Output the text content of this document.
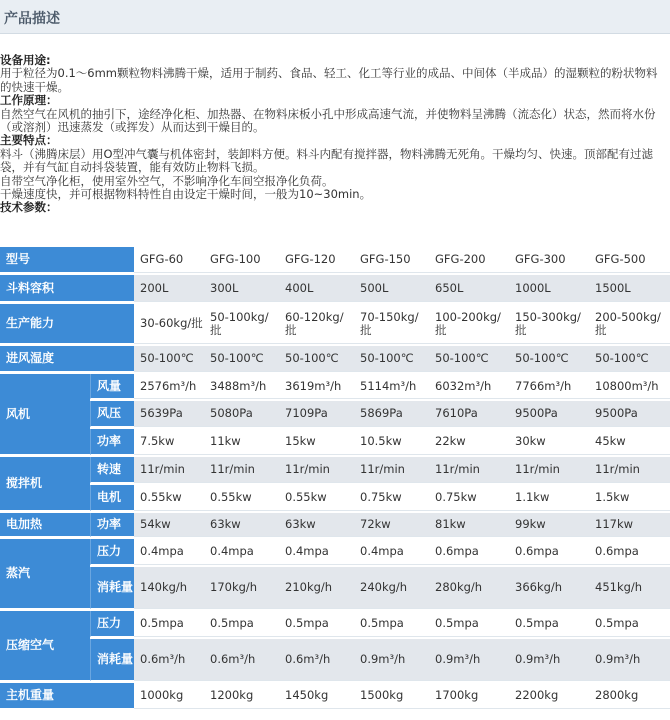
产品描述

设备用途:

用于粒径为0.1～6mm颗粒物料沸腾干燥，适用于制药、食品、轻工、化工等行业的成品、中间体（半成品）的湿颗粒的粉状物料的快速干燥。

工作原理：

自然空气在风机的抽引下，途经净化柜、加热器、在物料床板小孔中形成高速气流，并使物料呈沸腾（流态化）状态，然而将水份（或溶剂）迅速蒸发（或挥发）从而达到干燥目的。

主要特点：

料斗（沸腾床层）用O型冲气囊与机体密封，装卸料方便。料斗内配有搅拌器，物料沸腾无死角。干燥均匀、快速。顶部配有过滤袋，并有气缸自动抖袋装置，能有效防止物料飞损。

自带空气净化柜，使用室外空气，不影响净化车间空报净化负荷。

干燥速度快，并可根据物料特性自由设定干燥时间，一般为10~30min。

技术参数：

型号		GFG-60	GFG-100	GFG-120	GFG-150	GFG-200	GFG-300	GFG-500
斗料容积		200L	300L	400L	500L	650L	1000L	1500L
生产能力		30-60kg/批	50-100kg/批	60-120kg/批	70-150kg/批	100-200kg/批	150-300kg/批	200-500kg/批
进风湿度		50-100℃	50-100℃	50-100℃	50-100℃	50-100℃	50-100℃	50-100℃
风机	风量	2576m³/h	3488m³/h	3619m³/h	5114m³/h	6032m³/h	7766m³/h	10800m³/h
	风压	5639Pa	5080Pa	7109Pa	5869Pa	7610Pa	9500Pa	9500Pa
	功率	7.5kw	11kw	15kw	10.5kw	22kw	30kw	45kw
搅拌机	转速	11r/min	11r/min	11r/min	11r/min	11r/min	11r/min	11r/min
	电机	0.55kw	0.55kw	0.55kw	0.75kw	0.75kw	1.1kw	1.5kw
电加热	功率	54kw	63kw	63kw	72kw	81kw	99kw	117kw
蒸汽	压力	0.4mpa	0.4mpa	0.4mpa	0.4mpa	0.6mpa	0.6mpa	0.6mpa
	消耗量	140kg/h	170kg/h	210kg/h	240kg/h	280kg/h	366kg/h	451kg/h
压缩空气	压力	0.5mpa	0.5mpa	0.5mpa	0.5mpa	0.5mpa	0.5mpa	0.5mpa
	消耗量	0.6m³/h	0.6m³/h	0.6m³/h	0.9m³/h	0.9m³/h	0.9m³/h	0.9m³/h
主机重量		1000kg	1200kg	1450kg	1500kg	1700kg	2200kg	2800kg
